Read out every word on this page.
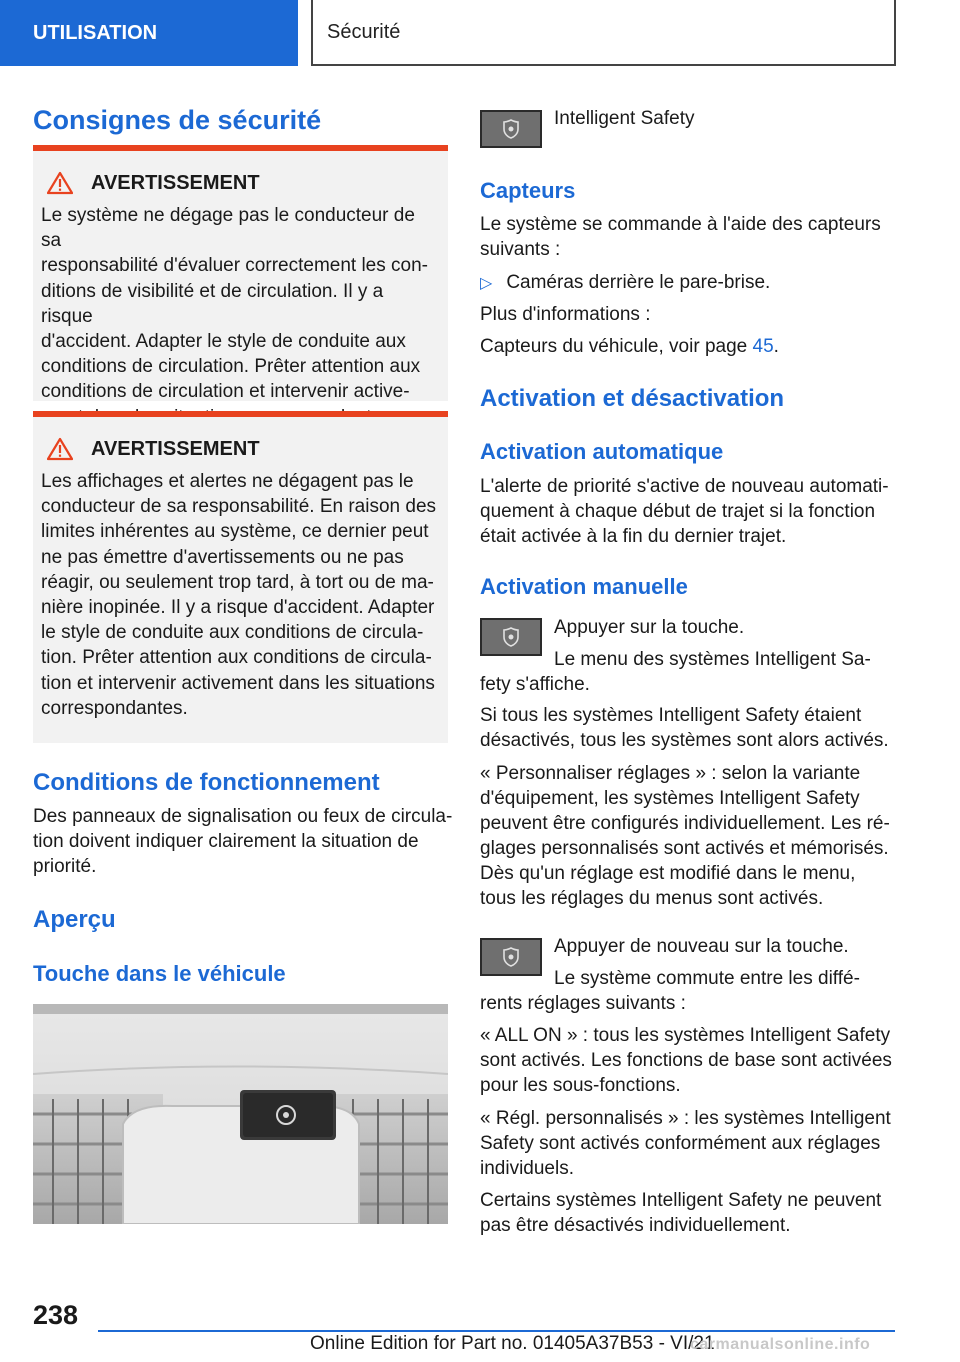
UTILISATION	Sécurité
Consignes de sécurité
AVERTISSEMENT

Le système ne dégage pas le conducteur de sa

responsabilité d'évaluer correctement les con-

ditions de visibilité et de circulation. Il y a risque

d'accident. Adapter le style de conduite aux

conditions de circulation. Prêter attention aux

conditions de circulation et intervenir active-

AVERTISSEMENT

Les affichages et alertes ne dégagent pas le

conducteur de sa responsabilité. En raison des

limites inhérentes au système, ce dernier peut

ne pas émettre d'avertissements ou ne pas

réagir, ou seulement trop tard, à tort ou de ma-

nière inopinée. Il y a risque d'accident. Adapter

le style de conduite aux conditions de circula-

tion. Prêter attention aux conditions de circula-

tion et intervenir activement dans les situations

correspondantes.

Conditions de fonctionnement

Des panneaux de signalisation ou feux de circula-

tion doivent indiquer clairement la situation de

priorité.

Aperçu
Touche dans le véhicule

Intelligent Safety

Capteurs

Le système se commande à l'aide des capteurs

suivants :

▷ Caméras derrière le pare-brise.

Plus d'informations :

Capteurs du véhicule, voir page 45.

Activation et désactivation
Activation automatique

L'alerte de priorité s'active de nouveau automati-

quement à chaque début de trajet si la fonction

était activée à la fin du dernier trajet.

Activation manuelle

Appuyer sur la touche.

Le menu des systèmes Intelligent Sa-

fety s'affiche.

Si tous les systèmes Intelligent Safety étaient

désactivés, tous les systèmes sont alors activés.

« Personnaliser réglages » : selon la variante

d'équipement, les systèmes Intelligent Safety

peuvent être configurés individuellement. Les ré-

glages personnalisés sont activés et mémorisés.

Dès qu'un réglage est modifié dans le menu,

tous les réglages du menus sont activés.

Appuyer de nouveau sur la touche.

Le système commute entre les diffé-

rents réglages suivants :

« ALL ON » : tous les systèmes Intelligent Safety

sont activés. Les fonctions de base sont activées

pour les sous-fonctions.

« Régl. personnalisés » : les systèmes Intelligent

Safety sont activés conformément aux réglages

individuels.

Certains systèmes Intelligent Safety ne peuvent

pas être désactivés individuellement.

238
Online Edition for Part no. 01405A37B53 - VI/21
carmanualsonline.info
